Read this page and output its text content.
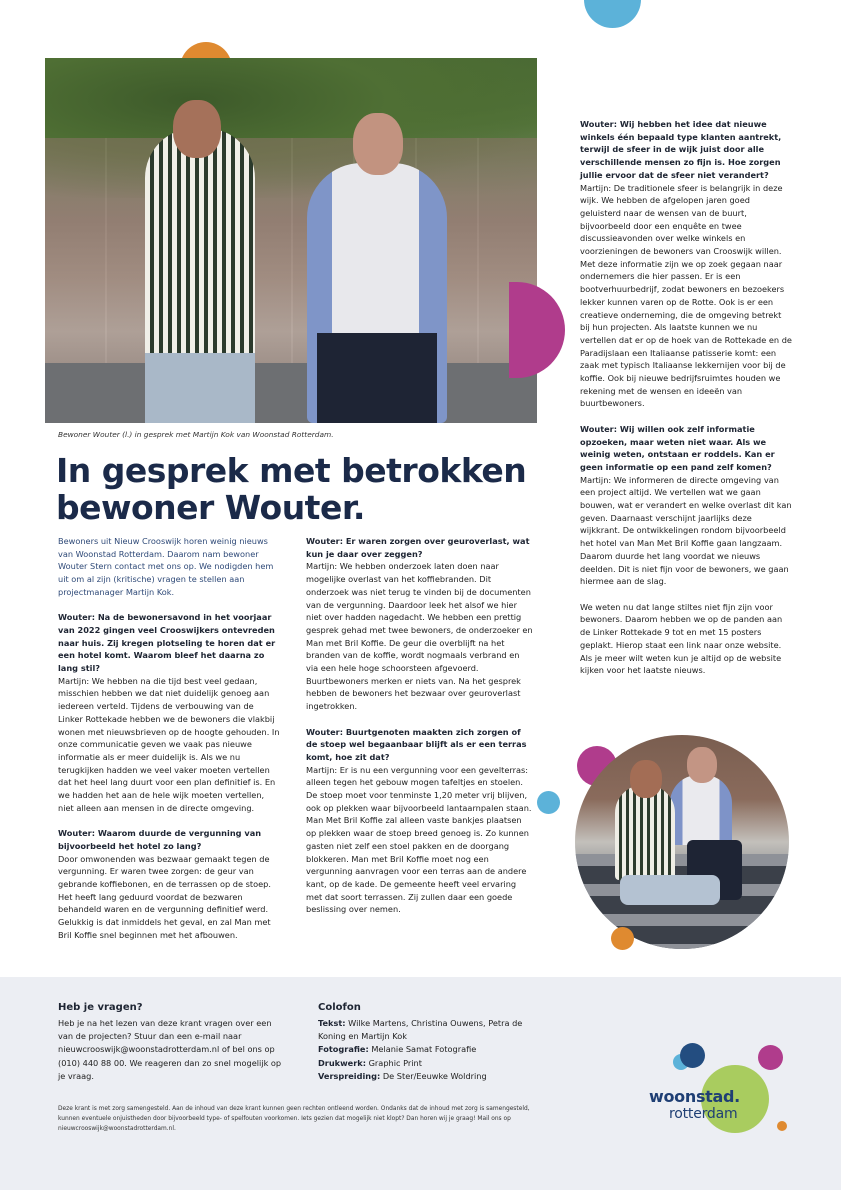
Bewoner Wouter (l.) in gesprek met Martijn Kok van Woonstad Rotterdam.
In gesprek met betrokken bewoner Wouter.

Bewoners uit Nieuw Crooswijk horen weinig nieuws van Woonstad Rotterdam. Daarom nam bewoner Wouter Stern contact met ons op. We nodigden hem uit om al zijn (kritische) vragen te stellen aan projectmanager Martijn Kok.

Wouter: Na de bewonersavond in het voorjaar van 2022 gingen veel Crooswijkers ontevreden naar huis. Zij kregen plotseling te horen dat er een hotel komt. Waarom bleef het daarna zo lang stil?
Martijn: We hebben na die tijd best veel gedaan, misschien hebben we dat niet duidelijk genoeg aan iedereen verteld. Tijdens de verbouwing van de Linker Rottekade hebben we de bewoners die vlakbij wonen met nieuwsbrieven op de hoogte gehouden. In onze communicatie geven we vaak pas nieuwe informatie als er meer duidelijk is. Als we nu terugkijken hadden we veel vaker moeten vertellen dat het heel lang duurt voor een plan definitief is. En we hadden het aan de hele wijk moeten vertellen, niet alleen aan mensen in de directe omgeving.

Wouter: Waarom duurde de vergunning van bijvoorbeeld het hotel zo lang?
Door omwonenden was bezwaar gemaakt tegen de vergunning. Er waren twee zorgen: de geur van gebrande koffiebonen, en de terrassen op de stoep. Het heeft lang geduurd voordat de bezwaren behandeld waren en de vergunning definitief werd. Gelukkig is dat inmiddels het geval, en zal Man met Bril Koffie snel beginnen met het afbouwen.

Wouter: Er waren zorgen over geuroverlast, wat kun je daar over zeggen?
Martijn: We hebben onderzoek laten doen naar mogelijke overlast van het koffiebranden. Dit onderzoek was niet terug te vinden bij de documenten van de vergunning. Daardoor leek het alsof we hier niet over hadden nagedacht. We hebben een prettig gesprek gehad met twee bewoners, de onderzoeker en Man met Bril Koffie. De geur die overblijft na het branden van de koffie, wordt nogmaals verbrand en via een hele hoge schoorsteen afgevoerd. Buurtbewoners merken er niets van. Na het gesprek hebben de bewoners het bezwaar over geuroverlast ingetrokken.

Wouter: Buurtgenoten maakten zich zorgen of de stoep wel begaanbaar blijft als er een terras komt, hoe zit dat?
Martijn: Er is nu een vergunning voor een gevelterras: alleen tegen het gebouw mogen tafeltjes en stoelen. De stoep moet voor tenminste 1,20 meter vrij blijven, ook op plekken waar bijvoorbeeld lantaarnpalen staan. Man Met Bril Koffie zal alleen vaste bankjes plaatsen op plekken waar de stoep breed genoeg is. Zo kunnen gasten niet zelf een stoel pakken en de doorgang blokkeren. Man met Bril Koffie moet nog een vergunning aanvragen voor een terras aan de andere kant, op de kade. De gemeente heeft veel ervaring met dat soort terrassen. Zij zullen daar een goede beslissing over nemen.

Wouter: Wij hebben het idee dat nieuwe winkels één bepaald type klanten aantrekt, terwijl de sfeer in de wijk juist door alle verschillende mensen zo fijn is. Hoe zorgen jullie ervoor dat de sfeer niet verandert?
Martijn: De traditionele sfeer is belangrijk in deze wijk. We hebben de afgelopen jaren goed geluisterd naar de wensen van de buurt, bijvoorbeeld door een enquête en twee discussieavonden over welke winkels en voorzieningen de bewoners van Crooswijk willen. Met deze informatie zijn we op zoek gegaan naar ondernemers die hier passen. Er is een bootverhuurbedrijf, zodat bewoners en bezoekers lekker kunnen varen op de Rotte. Ook is er een creatieve onderneming, die de omgeving betrekt bij hun projecten. Als laatste kunnen we nu vertellen dat er op de hoek van de Rottekade en de Paradijslaan een Italiaanse patisserie komt: een zaak met typisch Italiaanse lekkernijen voor bij de koffie. Ook bij nieuwe bedrijfsruimtes houden we rekening met de wensen en ideeën van buurtbewoners.

Wouter: Wij willen ook zelf informatie opzoeken, maar weten niet waar. Als we weinig weten, ontstaan er roddels. Kan er geen informatie op een pand zelf komen?
Martijn: We informeren de directe omgeving van een project altijd. We vertellen wat we gaan bouwen, wat er verandert en welke overlast dit kan geven. Daarnaast verschijnt jaarlijks deze wijkkrant. De ontwikkelingen rondom bijvoorbeeld het hotel van Man Met Bril Koffie gaan langzaam. Daarom duurde het lang voordat we nieuws deelden. Dit is niet fijn voor de bewoners, we gaan hiermee aan de slag.

We weten nu dat lange stiltes niet fijn zijn voor bewoners. Daarom hebben we op de panden aan de Linker Rottekade 9 tot en met 15 posters geplakt. Hierop staat een link naar onze website. Als je meer wilt weten kun je altijd op de website kijken voor het laatste nieuws.

Heb je vragen?
Heb je na het lezen van deze krant vragen over een van de projecten? Stuur dan een e-mail naar nieuwcrooswijk@woonstadrotterdam.nl of bel ons op (010) 440 88 00. We reageren dan zo snel mogelijk op je vraag.
Colofon
Tekst: Wilke Martens, Christina Ouwens, Petra de Koning en Martijn Kok
Fotografie: Melanie Samat Fotografie
Drukwerk: Graphic Print
Verspreiding: De Ster/Eeuwke Woldring
Deze krant is met zorg samengesteld. Aan de inhoud van deze krant kunnen geen rechten ontleend worden. Ondanks dat de inhoud met zorg is samengesteld, kunnen eventuele onjuistheden door bijvoorbeeld type- of spelfouten voorkomen. Iets gezien dat mogelijk niet klopt? Dan horen wij je graag! Mail ons op nieuwcrooswijk@woonstadrotterdam.nl.
woonstad.
rotterdam
